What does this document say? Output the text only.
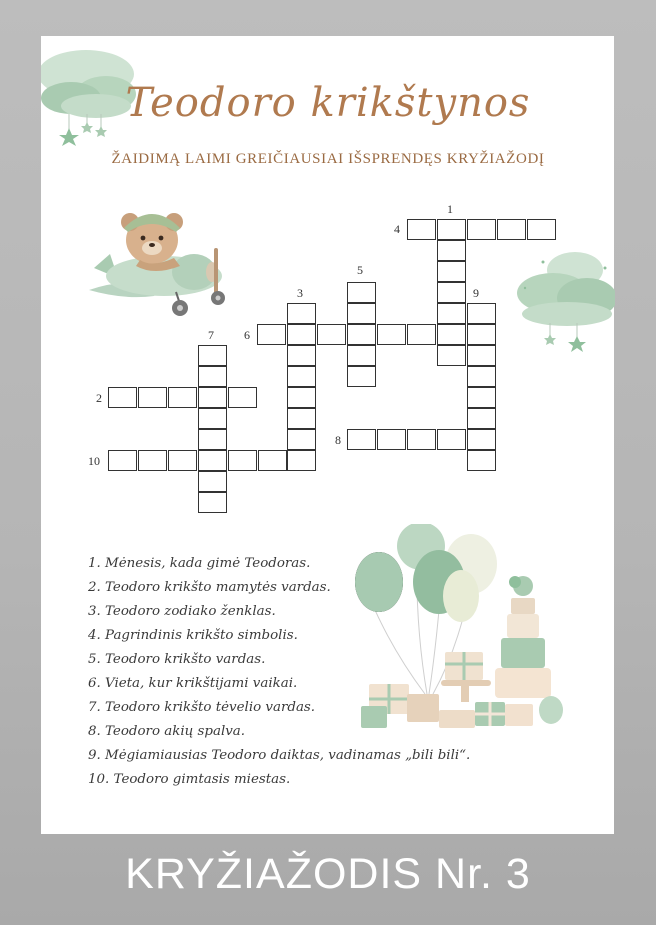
Teodoro krikštynos
ŽAIDIMĄ LAIMI GREIČIAUSIAI IŠSPRENDĘS KRYŽIAŽODĮ
1
2
3
4
5
6
7
8
9
10
1. Mėnesis, kada gimė Teodoras.
2. Teodoro krikšto mamytės vardas.
3. Teodoro zodiako ženklas.
4. Pagrindinis krikšto simbolis.
5. Teodoro krikšto vardas.
6. Vieta, kur krikštijami vaikai.
7. Teodoro krikšto tėvelio vardas.
8. Teodoro akių spalva.
9. Mėgiamiausias Teodoro daiktas, vadinamas „bili bili“.
10. Teodoro gimtasis miestas.
KRYŽIAŽODIS Nr. 3
